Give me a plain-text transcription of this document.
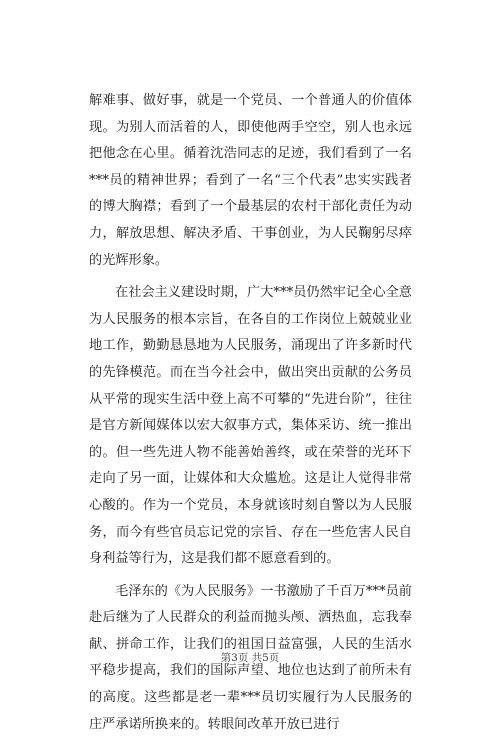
解难事、做好事，就是一个党员、一个普通人的价值体现。为别人而活着的人，即使他两手空空，别人也永远把他念在心里。循着沈浩同志的足迹，我们看到了一名***员的精神世界；看到了一名“三个代表”忠实实践者的博大胸襟；看到了一个最基层的农村干部化责任为动力，解放思想、解决矛盾、干事创业，为人民鞠躬尽瘁的光辉形象。

在社会主义建设时期，广大***员仍然牢记全心全意为人民服务的根本宗旨，在各自的工作岗位上兢兢业业地工作，勤勤恳恳地为人民服务，涌现出了许多新时代的先锋模范。而在当今社会中，做出突出贡献的公务员从平常的现实生活中登上高不可攀的“先进台阶”，往往是官方新闻媒体以宏大叙事方式，集体采访、统一推出的。但一些先进人物不能善始善终，或在荣誉的光环下走向了另一面，让媒体和大众尴尬。这是让人觉得非常心酸的。作为一个党员，本身就该时刻自警以为人民服务，而今有些官员忘记党的宗旨、存在一些危害人民自身利益等行为，这是我们都不愿意看到的。

毛泽东的《为人民服务》一书激励了千百万***员前赴后继为了人民群众的利益而抛头颅、洒热血，忘我奉献、拼命工作，让我们的祖国日益富强，人民的生活水平稳步提高，我们的国际声望、地位也达到了前所未有的高度。这些都是老一辈***员切实履行为人民服务的庄严承诺所换来的。转眼间改革开放已进行

第3页 共5页
